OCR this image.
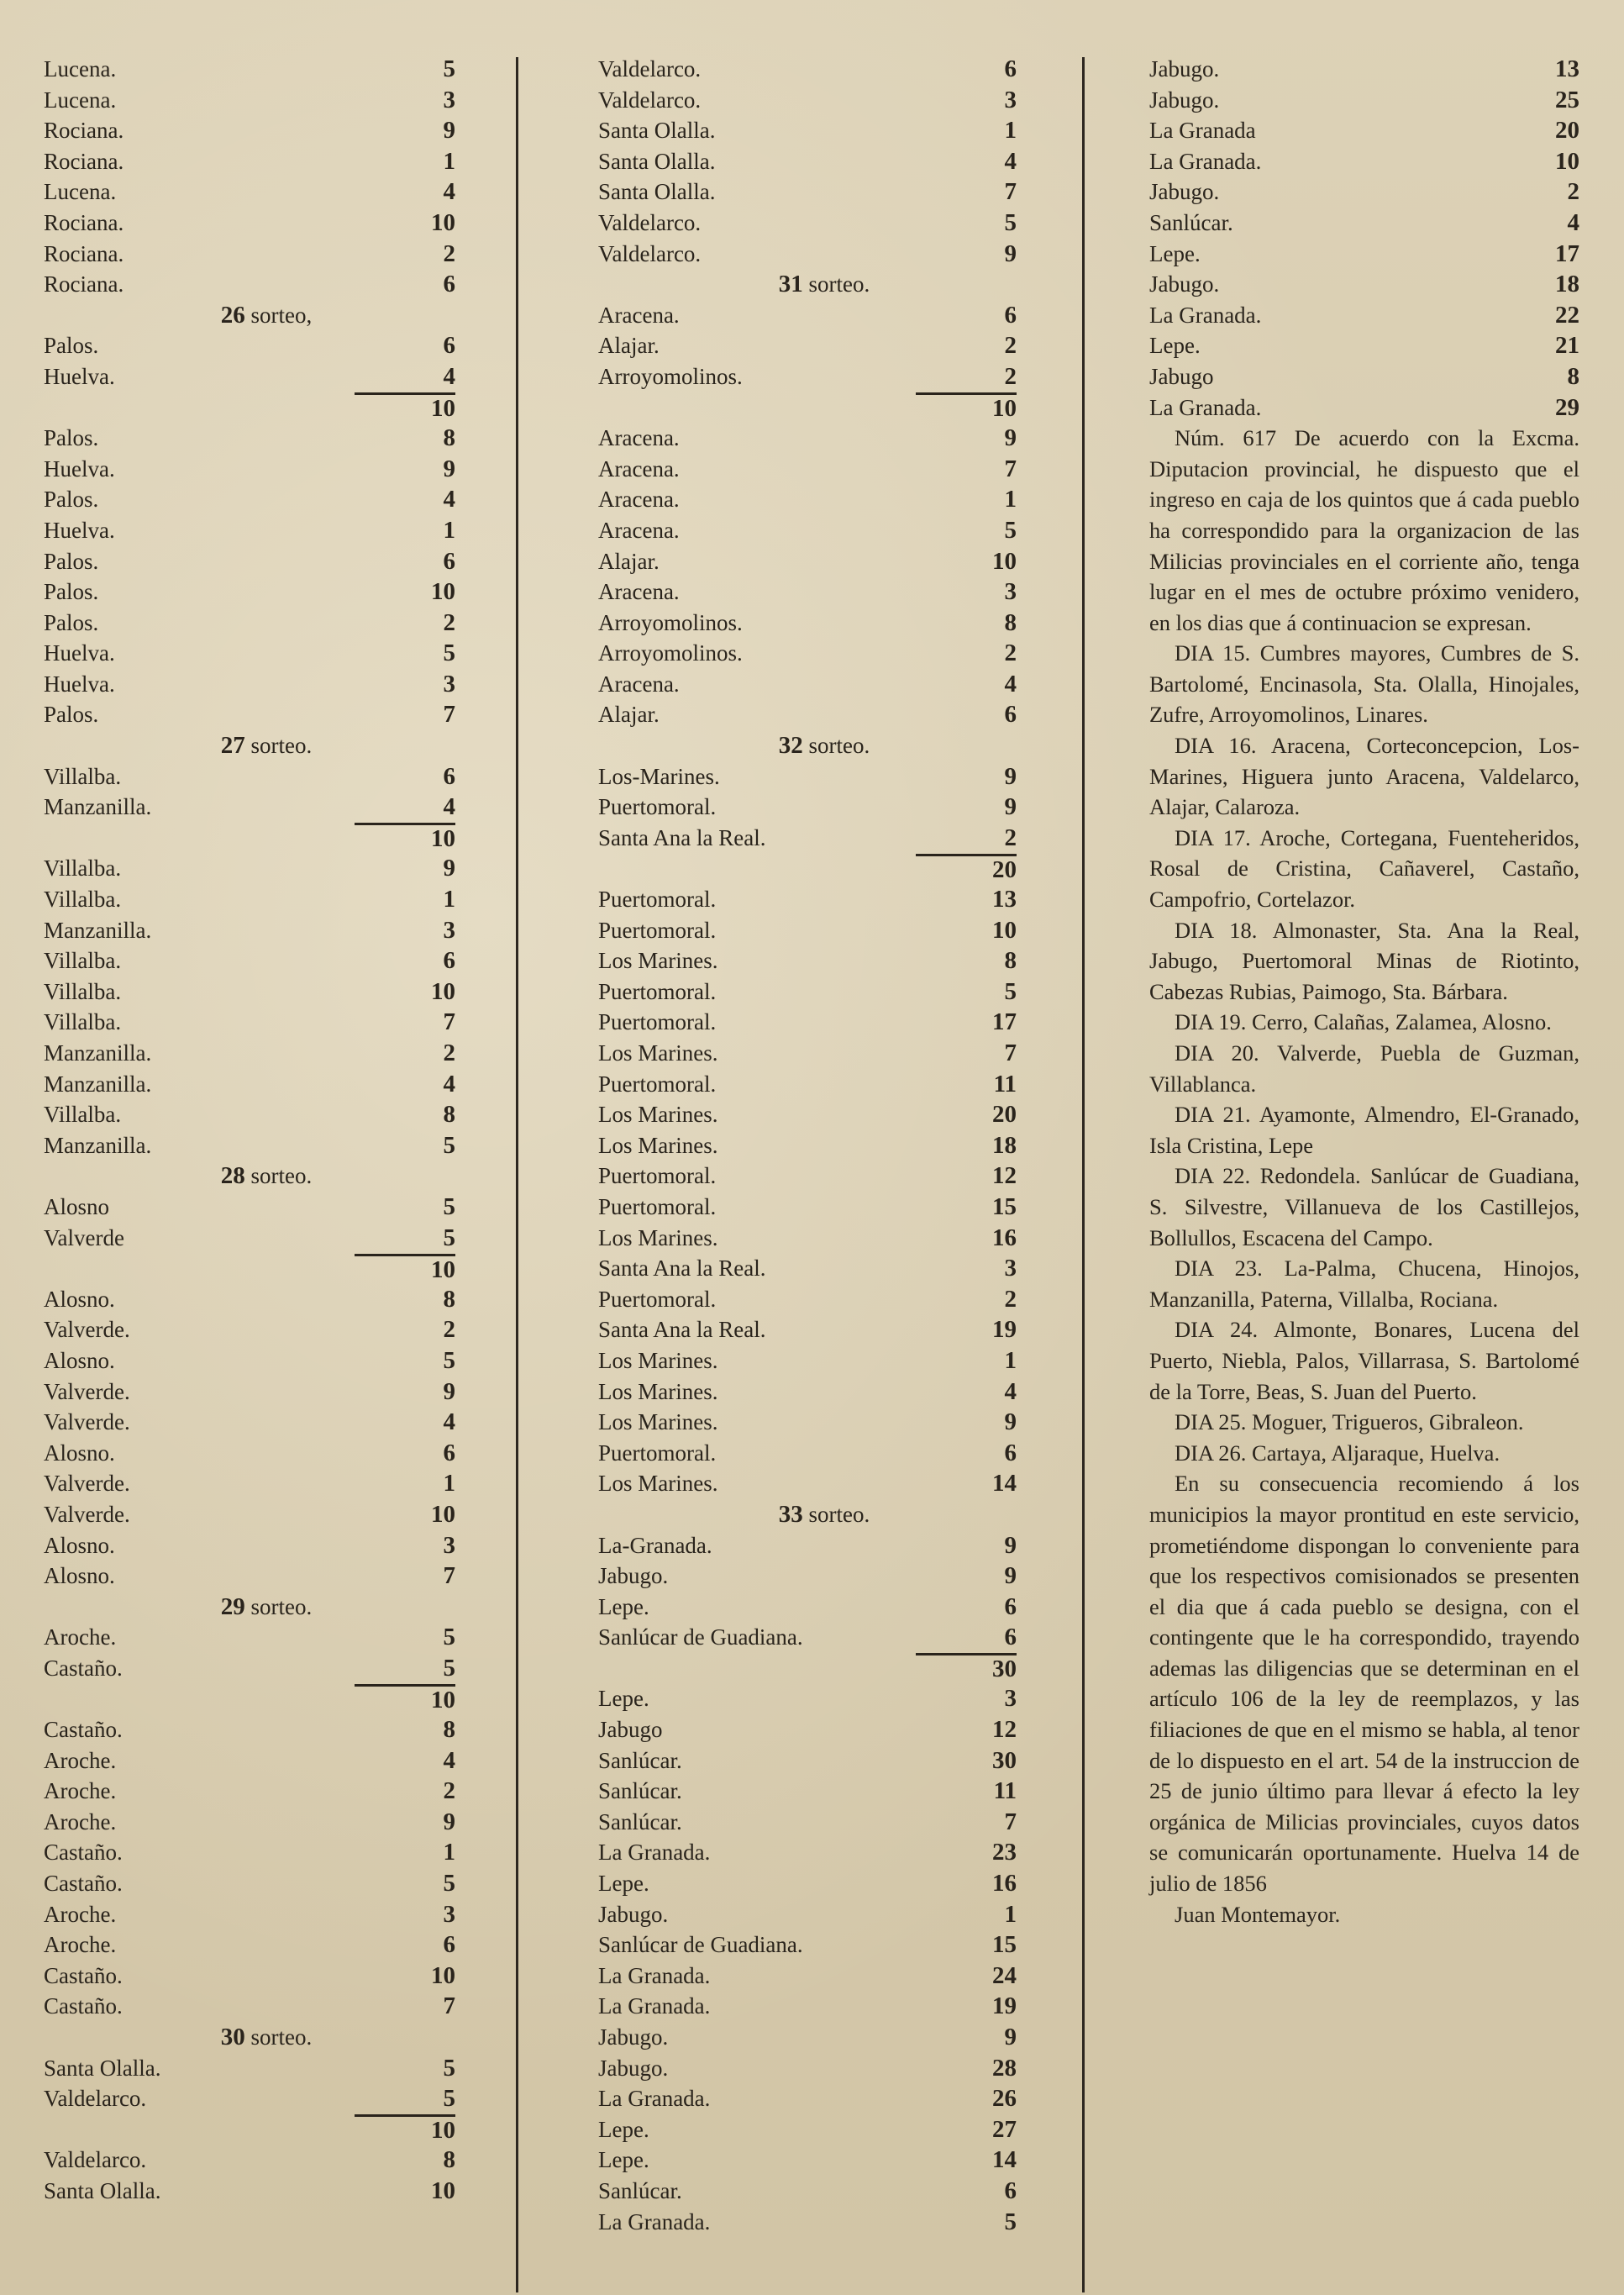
Lucena.	5
Lucena.	3
Rociana.	9
Rociana.	1
Lucena.	4
Rociana.	10
Rociana.	2
Rociana.	6
26 sorteo,
Palos.	6
Huelva.	4
10
Palos.	8
Huelva.	9
Palos.	4
Huelva.	1
Palos.	6
Palos.	10
Palos.	2
Huelva.	5
Huelva.	3
Palos.	7
27 sorteo.
Villalba.	6
Manzanilla.	4
10
Villalba.	9
Villalba.	1
Manzanilla.	3
Villalba.	6
Villalba.	10
Villalba.	7
Manzanilla.	2
Manzanilla.	4
Villalba.	8
Manzanilla.	5
28 sorteo.
Alosno	5
Valverde	5
10
Alosno.	8
Valverde.	2
Alosno.	5
Valverde.	9
Valverde.	4
Alosno.	6
Valverde.	1
Valverde.	10
Alosno.	3
Alosno.	7
29 sorteo.
Aroche.	5
Castaño.	5
10
Castaño.	8
Aroche.	4
Aroche.	2
Aroche.	9
Castaño.	1
Castaño.	5
Aroche.	3
Aroche.	6
Castaño.	10
Castaño.	7
30 sorteo.
Santa Olalla.	5
Valdelarco.	5
10
Valdelarco.	8
Santa Olalla.	10
Valdelarco.	6
Valdelarco.	3
Santa Olalla.	1
Santa Olalla.	4
Santa Olalla.	7
Valdelarco.	5
Valdelarco.	9
31 sorteo.
Aracena.	6
Alajar.	2
Arroyomolinos.	2
10
Aracena.	9
Aracena.	7
Aracena.	1
Aracena.	5
Alajar.	10
Aracena.	3
Arroyomolinos.	8
Arroyomolinos.	2
Aracena.	4
Alajar.	6
32 sorteo.
Los-Marines.	9
Puertomoral.	9
Santa Ana la Real.	2
20
Puertomoral.	13
Puertomoral.	10
Los Marines.	8
Puertomoral.	5
Puertomoral.	17
Los Marines.	7
Puertomoral.	11
Los Marines.	20
Los Marines.	18
Puertomoral.	12
Puertomoral.	15
Los Marines.	16
Santa Ana la Real.	3
Puertomoral.	2
Santa Ana la Real.	19
Los Marines.	1
Los Marines.	4
Los Marines.	9
Puertomoral.	6
Los Marines.	14
33 sorteo.
La-Granada.	9
Jabugo.	9
Lepe.	6
Sanlúcar de Guadiana.	6
30
Lepe.	3
Jabugo	12
Sanlúcar.	30
Sanlúcar.	11
Sanlúcar.	7
La Granada.	23
Lepe.	16
Jabugo.	1
Sanlúcar de Guadiana.	15
La Granada.	24
La Granada.	19
Jabugo.	9
Jabugo.	28
La Granada.	26
Lepe.	27
Lepe.	14
Sanlúcar.	6
La Granada.	5
Jabugo.	13
Jabugo.	25
La Granada	20
La Granada.	10
Jabugo.	2
Sanlúcar.	4
Lepe.	17
Jabugo.	18
La Granada.	22
Lepe.	21
Jabugo	8
La Granada.	29

Núm. 617 De acuerdo con la Excma. Diputacion provincial, he dispuesto que el ingreso en caja de los quintos que á cada pueblo ha correspondido para la organizacion de las Milicias provinciales en el corriente año, tenga lugar en el mes de octubre próximo venidero, en los dias que á continuacion se expresan.

DIA 15. Cumbres mayores, Cumbres de S. Bartolomé, Encinasola, Sta. Olalla, Hinojales, Zufre, Arroyomolinos, Linares.

DIA 16. Aracena, Corteconcepcion, Los-Marines, Higuera junto Aracena, Valdelarco, Alajar, Calaroza.

DIA 17. Aroche, Cortegana, Fuenteheridos, Rosal de Cristina, Cañaverel, Castaño, Campofrio, Cortelazor.

DIA 18. Almonaster, Sta. Ana la Real, Jabugo, Puertomoral Minas de Riotinto, Cabezas Rubias, Paimogo, Sta. Bárbara.

DIA 19. Cerro, Calañas, Zalamea, Alosno.

DIA 20. Valverde, Puebla de Guzman, Villablanca.

DIA 21. Ayamonte, Almendro, El-Granado, Isla Cristina, Lepe

DIA 22. Redondela. Sanlúcar de Guadiana, S. Silvestre, Villanueva de los Castillejos, Bollullos, Escacena del Campo.

DIA 23. La-Palma, Chucena, Hinojos, Manzanilla, Paterna, Villalba, Rociana.

DIA 24. Almonte, Bonares, Lucena del Puerto, Niebla, Palos, Villarrasa, S. Bartolomé de la Torre, Beas, S. Juan del Puerto.

DIA 25. Moguer, Trigueros, Gibraleon.

DIA 26. Cartaya, Aljaraque, Huelva.

En su consecuencia recomiendo á los municipios la mayor prontitud en este servicio, prometiéndome dispongan lo conveniente para que los respectivos comisionados se presenten el dia que á cada pueblo se designa, con el contingente que le ha correspondido, trayendo ademas las diligencias que se determinan en el artículo 106 de la ley de reemplazos, y las filiaciones de que en el mismo se habla, al tenor de lo dispuesto en el art. 54 de la instruccion de 25 de junio último para llevar á efecto la ley orgánica de Milicias provinciales, cuyos datos se comunicarán oportunamente. Huelva 14 de julio de 1856

Juan Montemayor.
